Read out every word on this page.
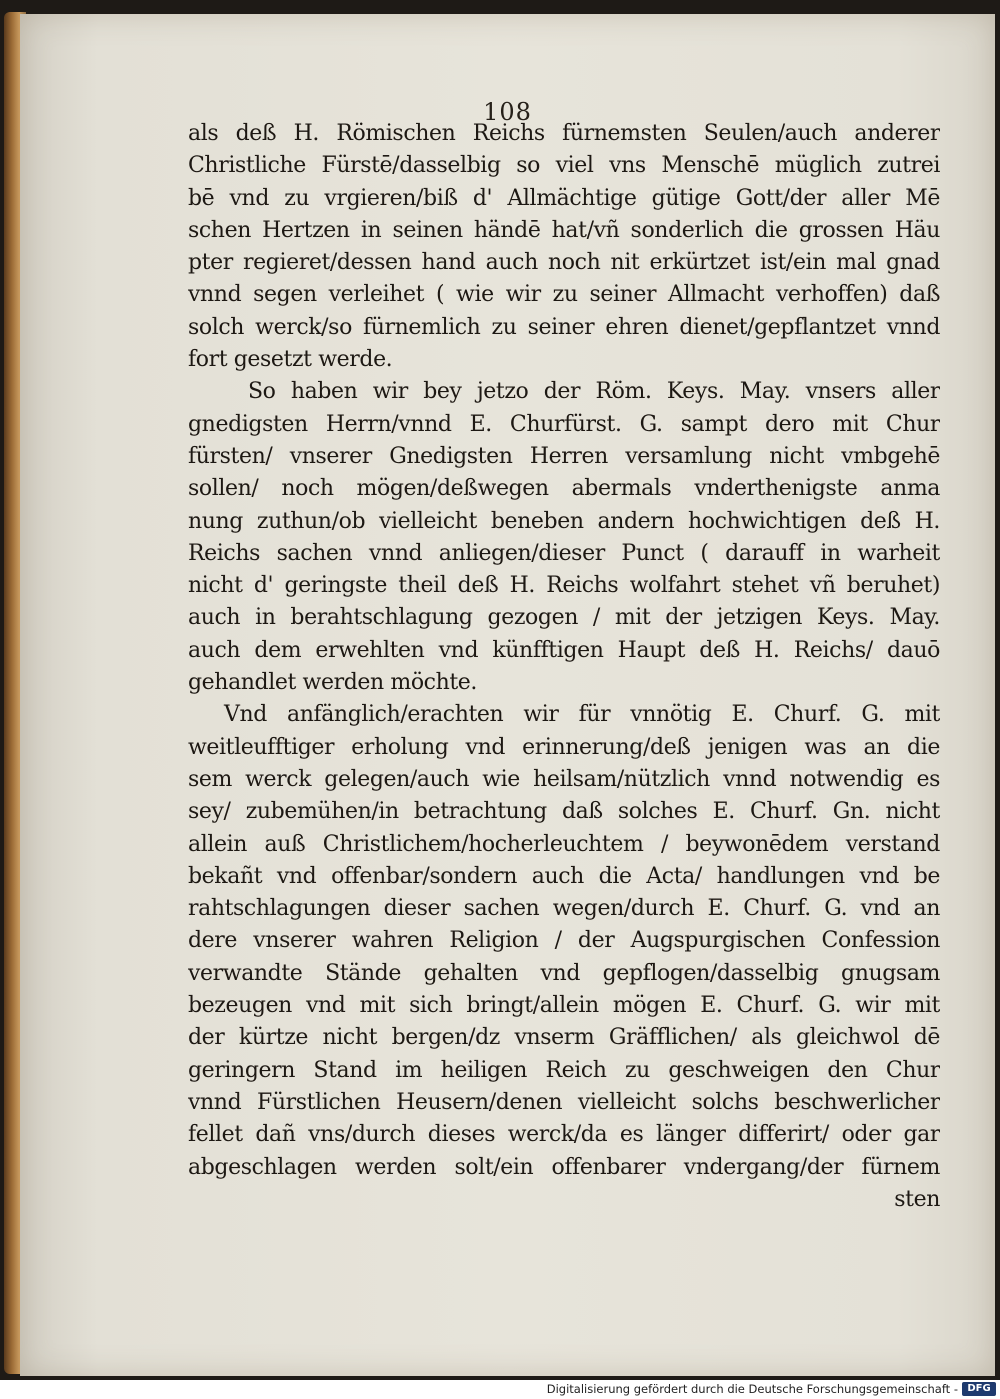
108
als deß H. Römischen Reichs fürnemsten Seulen/auch anderer
Christliche Fürstē/dasselbig so viel vns Menschē müglich zutrei
bē vnd zu vrgieren/biß d' Allmächtige gütige Gott/der aller Mē
schen Hertzen in seinen händē hat/vñ sonderlich die grossen Häu
pter regieret/dessen hand auch noch nit erkürtzet ist/ein mal gnad
vnnd segen verleihet ( wie wir zu seiner Allmacht verhoffen) daß
solch werck/so fürnemlich zu seiner ehren dienet/gepflantzet vnnd
fort gesetzt werde.
So haben wir bey jetzo der Röm. Keys. May. vnsers aller
gnedigsten Herrn/vnnd E. Churfürst. G. sampt dero mit Chur
fürsten/ vnserer Gnedigsten Herren versamlung nicht vmbgehē
sollen/ noch mögen/deßwegen abermals vnderthenigste anma
nung zuthun/ob vielleicht beneben andern hochwichtigen deß H.
Reichs sachen vnnd anliegen/dieser Punct ( darauff in warheit
nicht d' geringste theil deß H. Reichs wolfahrt stehet vñ beruhet)
auch in berahtschlagung gezogen / mit der jetzigen Keys. May.
auch dem erwehlten vnd künfftigen Haupt deß H. Reichs/ dauō
gehandlet werden möchte.
Vnd anfänglich/erachten wir für vnnötig E. Churf. G. mit
weitleufftiger erholung vnd erinnerung/deß jenigen was an die
sem werck gelegen/auch wie heilsam/nützlich vnnd notwendig es
sey/ zubemühen/in betrachtung daß solches E. Churf. Gn. nicht
allein auß Christlichem/hocherleuchtem / beywonēdem verstand
bekañt vnd offenbar/sondern auch die Acta/ handlungen vnd be
rahtschlagungen dieser sachen wegen/durch E. Churf. G. vnd an
dere vnserer wahren Religion / der Augspurgischen Confession
verwandte Stände gehalten vnd gepflogen/dasselbig gnugsam
bezeugen vnd mit sich bringt/allein mögen E. Churf. G. wir mit
der kürtze nicht bergen/dz vnserm Gräfflichen/ als gleichwol dē
geringern Stand im heiligen Reich zu geschweigen den Chur
vnnd Fürstlichen Heusern/denen vielleicht solchs beschwerlicher
fellet dañ vns/durch dieses werck/da es länger differirt/ oder gar
abgeschlagen werden solt/ein offenbarer vndergang/der fürnem
sten
Digitalisierung gefördert durch die Deutsche Forschungsgemeinschaft - DFG
